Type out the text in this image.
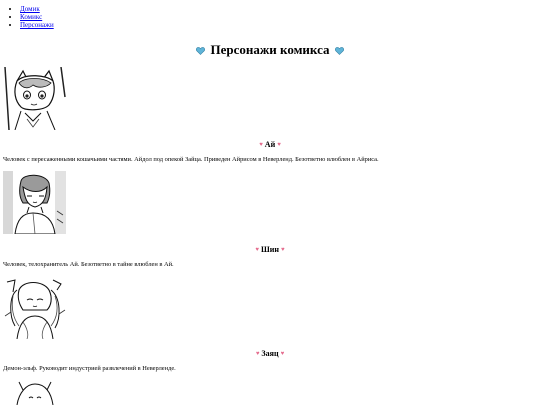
• Домик
• Комикс
• Персонажи
Персонажи комикса

♥ Ай ♥

Человек с пересаженными кошачьими частями. Айдол под опекой Зайца. Приведен Айрисом в Неверленд. Безответно влюблен в Айриса.

♥ Шин ♥

Человек, телохранитель Ай. Безответно в тайне влюблен в Ай.

♥ Заяц ♥

Демон-эльф. Руководит индустрией развлечений в Неверленде.
